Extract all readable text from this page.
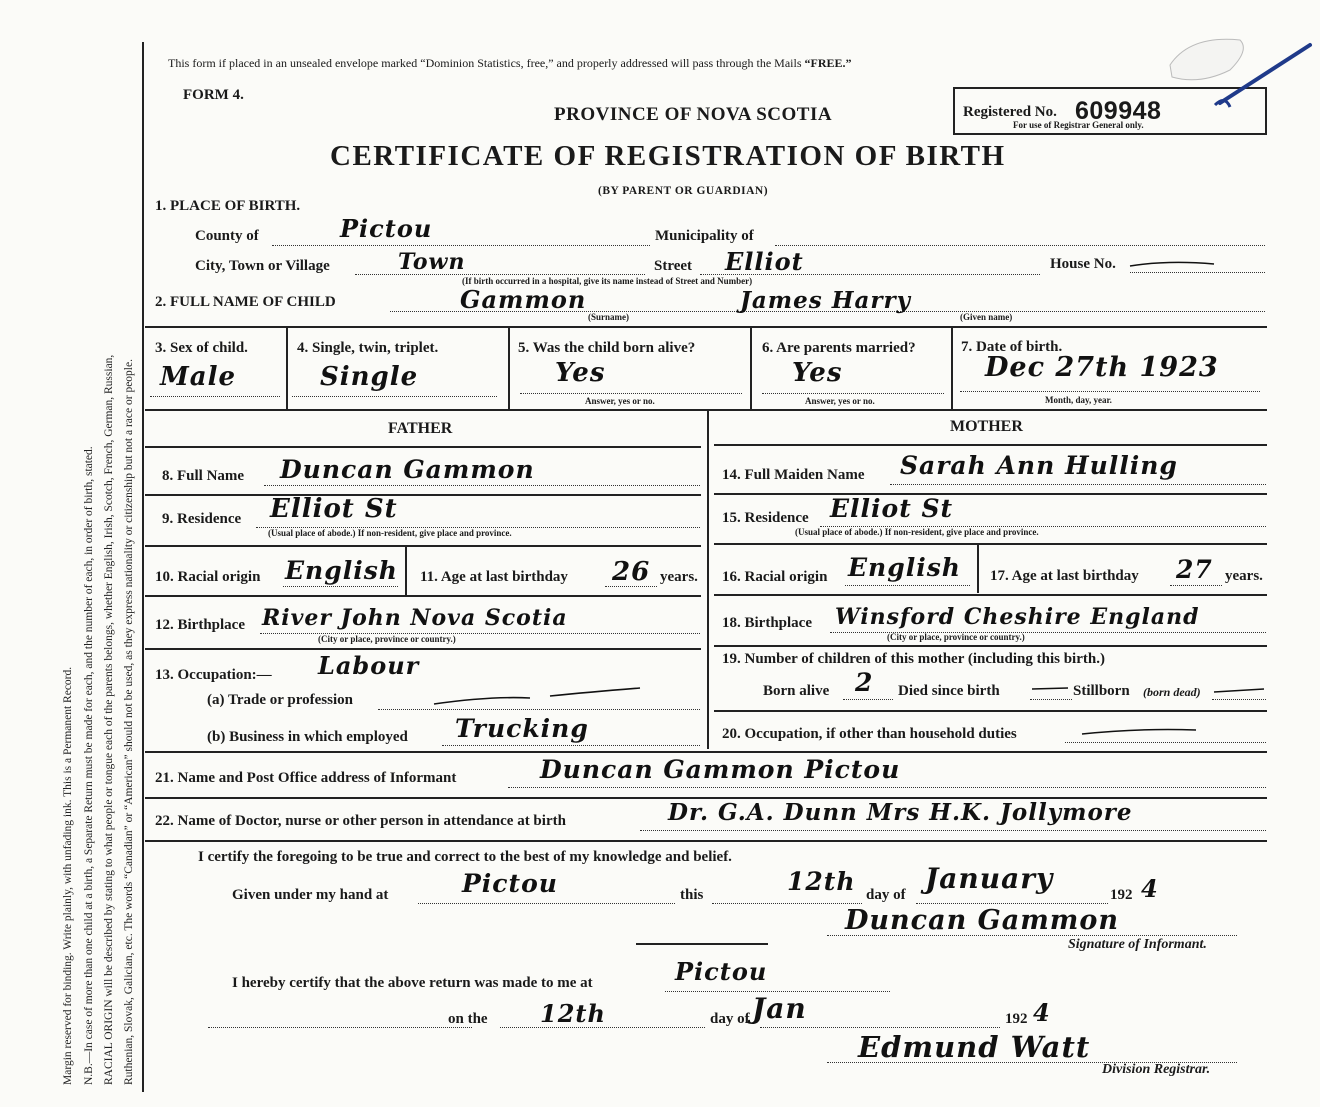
Margin reserved for binding. Write plainly, with unfading ink. This is a Permanent Record. N.B.—In case of more than one child at a birth, a Separate Return must be made for each, and the number of each, in order of birth, stated. RACIAL ORIGIN will be described by stating to what people or tongue each of the parents belongs, whether English, Irish, Scotch, French, German, Russian, Ruthenian, Slovak, Galician, etc. The words “Canadian” or “American” should not be used, as they express nationality or citizenship but not a race or people.
This form if placed in an unsealed envelope marked “Dominion Statistics, free,” and properly addressed will pass through the Mails “FREE.”
FORM 4.
PROVINCE OF NOVA SCOTIA	Registered No. 609948
For use of Registrar General only.
CERTIFICATE OF REGISTRATION OF BIRTH
(BY PARENT OR GUARDIAN)
1. PLACE OF BIRTH.
County of	Pictou	Municipality of
City, Town or Village	Town	Street Elliot	House No.
(If birth occurred in a hospital, give its name instead of Street and Number)
2. FULL NAME OF CHILD	Gammon
(Surname)
James Harry
(Given name)
3. Sex of child.
Male
4. Single, twin, triplet.
Single
5. Was the child born alive?
Yes
Answer, yes or no.
6. Are parents married?
Yes
Answer, yes or no.
7. Date of birth.
Dec 27th 1923
Month, day, year.
FATHER	MOTHER
8. Full Name Duncan Gammon
9. Residence Elliot St
(Usual place of abode.) If non-resident, give place and province.
10. Racial origin English 11. Age at last birthday 26 years.
12. Birthplace River John Nova Scotia
(City or place, province or country.)
13. Occupation:— Labour
(a) Trade or profession
(b) Business in which employed Trucking
14. Full Maiden Name Sarah Ann Hulling
15. Residence Elliot St
(Usual place of abode.) If non-resident, give place and province.
16. Racial origin English 17. Age at last birthday 27 years.
18. Birthplace Winsford Cheshire England
(City or place, province or country.)
19. Number of children of this mother (including this birth.)
Born alive 2 Died since birth	Stillborn (born dead)
20. Occupation, if other than household duties
21. Name and Post Office address of Informant	Duncan Gammon Pictou
22. Name of Doctor, nurse or other person in attendance at birth	Dr. G.A. Dunn Mrs H.K. Jollymore
I certify the foregoing to be true and correct to the best of my knowledge and belief.
Given under my hand at	Pictou	this	12th day of January	192 4
Duncan Gammon
Signature of Informant.
I hereby certify that the above return was made to me at	Pictou
on the 12th	day of Jan	192 4
Edmund Watt
Division Registrar.
